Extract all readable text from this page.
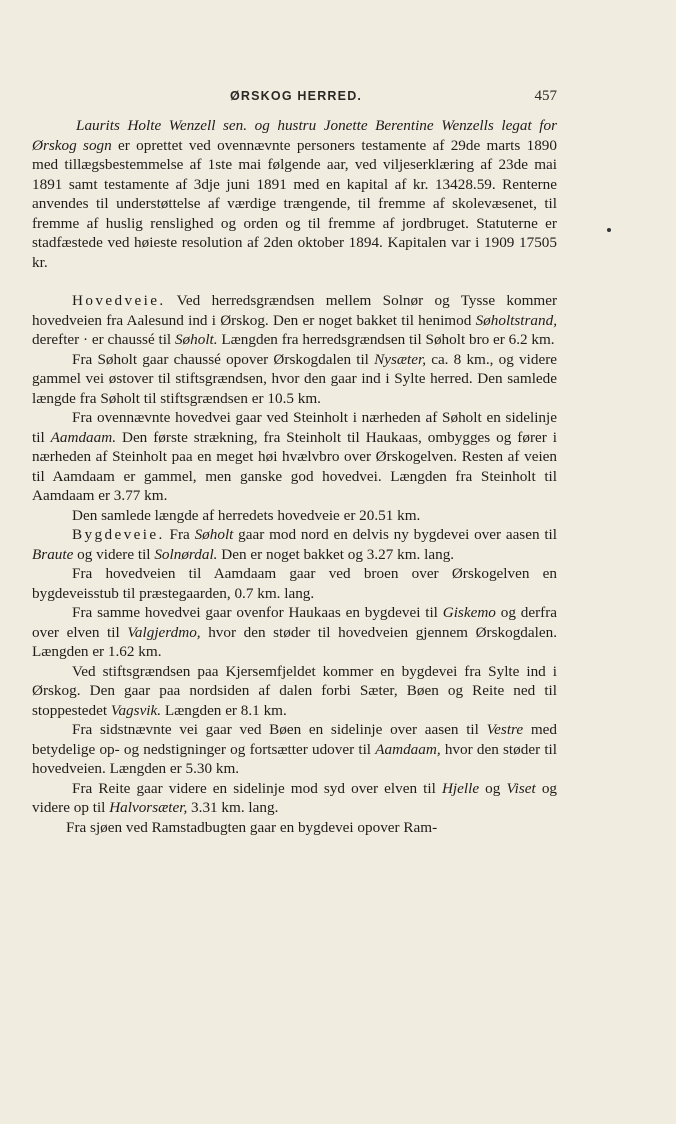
ØRSKOG HERRED.	457

Laurits Holte Wenzell sen. og hustru Jonette Berentine Wenzells legat for Ørskog sogn er oprettet ved ovennævnte personers testamente af 29de marts 1890 med tillægsbestemmelse af 1ste mai følgende aar, ved viljeserklæring af 23de mai 1891 samt testamente af 3dje juni 1891 med en kapital af kr. 13428.59. Renterne anvendes til understøttelse af værdige trængende, til fremme af skolevæsenet, til fremme af huslig renslighed og orden og til fremme af jordbruget. Statuterne er stadfæstede ved høieste resolution af 2den oktober 1894. Kapitalen var i 1909 17505 kr.

Hovedveie. Ved herredsgrændsen mellem Solnør og Tysse kommer hovedveien fra Aalesund ind i Ørskog. Den er noget bakket til henimod Søholtstrand, derefter · er chaussé til Søholt. Længden fra herredsgrændsen til Søholt bro er 6.2 km.

Fra Søholt gaar chaussé opover Ørskogdalen til Nysæter, ca. 8 km., og videre gammel vei østover til stiftsgrændsen, hvor den gaar ind i Sylte herred. Den samlede længde fra Søholt til stiftsgrændsen er 10.5 km.

Fra ovennævnte hovedvei gaar ved Steinholt i nærheden af Søholt en sidelinje til Aamdaam. Den første strækning, fra Steinholt til Haukaas, ombygges og fører i nærheden af Steinholt paa en meget høi hvælvbro over Ørskogelven. Resten af veien til Aamdaam er gammel, men ganske god hovedvei. Længden fra Steinholt til Aamdaam er 3.77 km.

Den samlede længde af herredets hovedveie er 20.51 km.

Bygdeveie. Fra Søholt gaar mod nord en delvis ny bygdevei over aasen til Braute og videre til Solnørdal. Den er noget bakket og 3.27 km. lang.

Fra hovedveien til Aamdaam gaar ved broen over Ørskogelven en bygdeveisstub til præstegaarden, 0.7 km. lang.

Fra samme hovedvei gaar ovenfor Haukaas en bygdevei til Giskemo og derfra over elven til Valgjerdmo, hvor den støder til hovedveien gjennem Ørskogdalen. Længden er 1.62 km.

Ved stiftsgrændsen paa Kjersemfjeldet kommer en bygdevei fra Sylte ind i Ørskog. Den gaar paa nordsiden af dalen forbi Sæter, Bøen og Reite ned til stoppestedet Vagsvik. Længden er 8.1 km.

Fra sidstnævnte vei gaar ved Bøen en sidelinje over aasen til Vestre med betydelige op- og nedstigninger og fortsætter udover til Aamdaam, hvor den støder til hovedveien. Længden er 5.30 km.

Fra Reite gaar videre en sidelinje mod syd over elven til Hjelle og Viset og videre op til Halvorsæter, 3.31 km. lang.

Fra sjøen ved Ramstadbugten gaar en bygdevei opover Ram-
